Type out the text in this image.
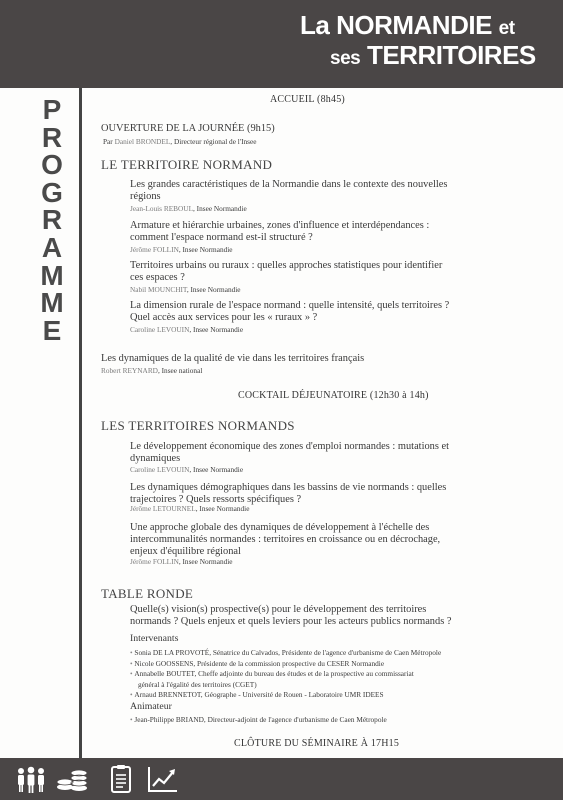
La NORMANDIE et
ses TERRITOIRES
P
R
O
G
R
A
M
M
E
ACCUEIL (8h45)
OUVERTURE DE LA JOURNÉE (9h15)
Par Daniel BRONDEL, Directeur régional de l'Insee
LE TERRITOIRE NORMAND
Les grandes caractéristiques de la Normandie dans le contexte des nouvelles
régions
Jean-Louis REBOUL, Insee Normandie
Armature et hiérarchie urbaines, zones d'influence et interdépendances :
comment l'espace normand est-il structuré ?
Jérôme FOLLIN, Insee Normandie
Territoires urbains ou ruraux : quelles approches statistiques pour identifier
ces espaces ?
Nabil MOUNCHIT, Insee Normandie
La dimension rurale de l'espace normand : quelle intensité, quels territoires ?
Quel accès aux services pour les « ruraux » ?
Caroline LEVOUIN, Insee Normandie
Les dynamiques de la qualité de vie dans les territoires français
Robert REYNARD, Insee national
COCKTAIL DÉJEUNATOIRE (12h30 à 14h)
LES TERRITOIRES NORMANDS
Le développement économique des zones d'emploi normandes : mutations et
dynamiques
Caroline LEVOUIN, Insee Normandie
Les dynamiques démographiques dans les bassins de vie normands : quelles
trajectoires ? Quels ressorts spécifiques ?
Jérôme LETOURNEL, Insee Normandie
Une approche globale des dynamiques de développement à l'échelle des
intercommunalités normandes : territoires en croissance ou en décrochage,
enjeux d'équilibre régional
Jérôme FOLLIN, Insee Normandie
TABLE RONDE
Quelle(s) vision(s) prospective(s) pour le développement des territoires
normands ? Quels enjeux et quels leviers pour les acteurs publics normands ?
Intervenants
• Sonia DE LA PROVOTÉ, Sénatrice du Calvados, Présidente de l'agence d'urbanisme de Caen Métropole
• Nicole GOOSSENS, Présidente de la commission prospective du CESER Normandie
• Annabelle BOUTET, Cheffe adjointe du bureau des études et de la prospective au commissariat
général à l'égalité des territoires (CGET)
• Arnaud BRENNETOT, Géographe - Université de Rouen - Laboratoire UMR IDEES
Animateur
• Jean-Philippe BRIAND, Directeur-adjoint de l'agence d'urbanisme de Caen Métropole
CLÔTURE DU SÉMINAIRE À 17H15
